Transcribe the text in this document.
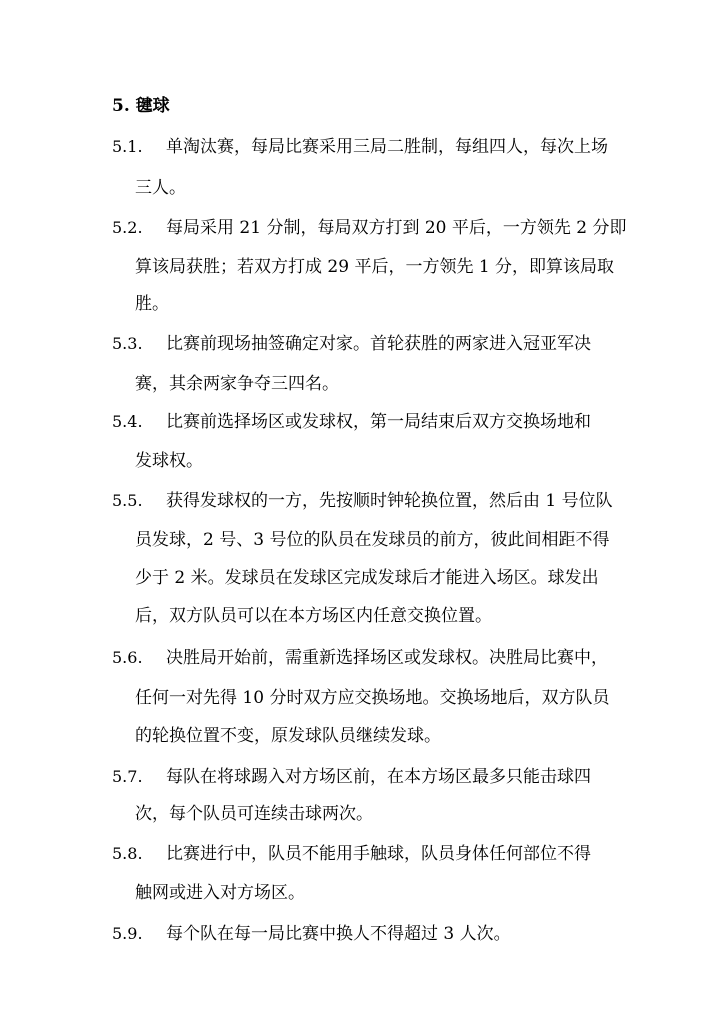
5. 毽球
5.1. 单淘汰赛，每局比赛采用三局二胜制，每组四人，每次上场
三人。
5.2. 每局采用 21 分制，每局双方打到 20 平后，一方领先 2 分即
算该局获胜；若双方打成 29 平后，一方领先 1 分，即算该局取
胜。
5.3. 比赛前现场抽签确定对家。首轮获胜的两家进入冠亚军决
赛，其余两家争夺三四名。
5.4. 比赛前选择场区或发球权，第一局结束后双方交换场地和
发球权。
5.5. 获得发球权的一方，先按顺时钟轮换位置，然后由 1 号位队
员发球，2 号、3 号位的队员在发球员的前方，彼此间相距不得
少于 2 米。发球员在发球区完成发球后才能进入场区。球发出
后，双方队员可以在本方场区内任意交换位置。
5.6. 决胜局开始前，需重新选择场区或发球权。决胜局比赛中，
任何一对先得 10 分时双方应交换场地。交换场地后，双方队员
的轮换位置不变，原发球队员继续发球。
5.7. 每队在将球踢入对方场区前，在本方场区最多只能击球四
次，每个队员可连续击球两次。
5.8. 比赛进行中，队员不能用手触球，队员身体任何部位不得
触网或进入对方场区。
5.9. 每个队在每一局比赛中换人不得超过 3 人次。
